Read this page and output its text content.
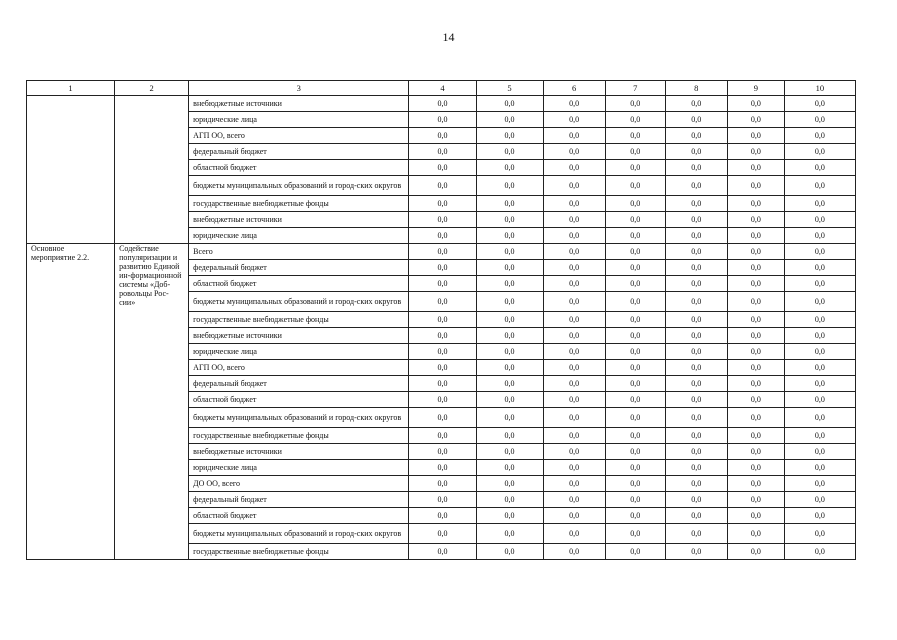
14
1	2	3	4	5	6	7	8	9	10
		внебюджетные источники	0,0	0,0	0,0	0,0	0,0	0,0	0,0
		юридические лица	0,0	0,0	0,0	0,0	0,0	0,0	0,0
		АГП ОО, всего	0,0	0,0	0,0	0,0	0,0	0,0	0,0
		федеральный бюджет	0,0	0,0	0,0	0,0	0,0	0,0	0,0
		областной бюджет	0,0	0,0	0,0	0,0	0,0	0,0	0,0
		бюджеты муниципальных образований и город-ских округов	0,0	0,0	0,0	0,0	0,0	0,0	0,0
		государственные внебюджетные фонды	0,0	0,0	0,0	0,0	0,0	0,0	0,0
		внебюджетные источники	0,0	0,0	0,0	0,0	0,0	0,0	0,0
		юридические лица	0,0	0,0	0,0	0,0	0,0	0,0	0,0
Основное мероприятие 2.2.	Содействие популяризации и развитию Единой ин-формационной системы «Доб-ровольцы Рос-сии»	Всего	0,0	0,0	0,0	0,0	0,0	0,0	0,0
		федеральный бюджет	0,0	0,0	0,0	0,0	0,0	0,0	0,0
		областной бюджет	0,0	0,0	0,0	0,0	0,0	0,0	0,0
		бюджеты муниципальных образований и город-ских округов	0,0	0,0	0,0	0,0	0,0	0,0	0,0
		государственные внебюджетные фонды	0,0	0,0	0,0	0,0	0,0	0,0	0,0
		внебюджетные источники	0,0	0,0	0,0	0,0	0,0	0,0	0,0
		юридические лица	0,0	0,0	0,0	0,0	0,0	0,0	0,0
		АГП ОО, всего	0,0	0,0	0,0	0,0	0,0	0,0	0,0
		федеральный бюджет	0,0	0,0	0,0	0,0	0,0	0,0	0,0
		областной бюджет	0,0	0,0	0,0	0,0	0,0	0,0	0,0
		бюджеты муниципальных образований и город-ских округов	0,0	0,0	0,0	0,0	0,0	0,0	0,0
		государственные внебюджетные фонды	0,0	0,0	0,0	0,0	0,0	0,0	0,0
		внебюджетные источники	0,0	0,0	0,0	0,0	0,0	0,0	0,0
		юридические лица	0,0	0,0	0,0	0,0	0,0	0,0	0,0
		ДО ОО, всего	0,0	0,0	0,0	0,0	0,0	0,0	0,0
		федеральный бюджет	0,0	0,0	0,0	0,0	0,0	0,0	0,0
		областной бюджет	0,0	0,0	0,0	0,0	0,0	0,0	0,0
		бюджеты муниципальных образований и город-ских округов	0,0	0,0	0,0	0,0	0,0	0,0	0,0
		государственные внебюджетные фонды	0,0	0,0	0,0	0,0	0,0	0,0	0,0
